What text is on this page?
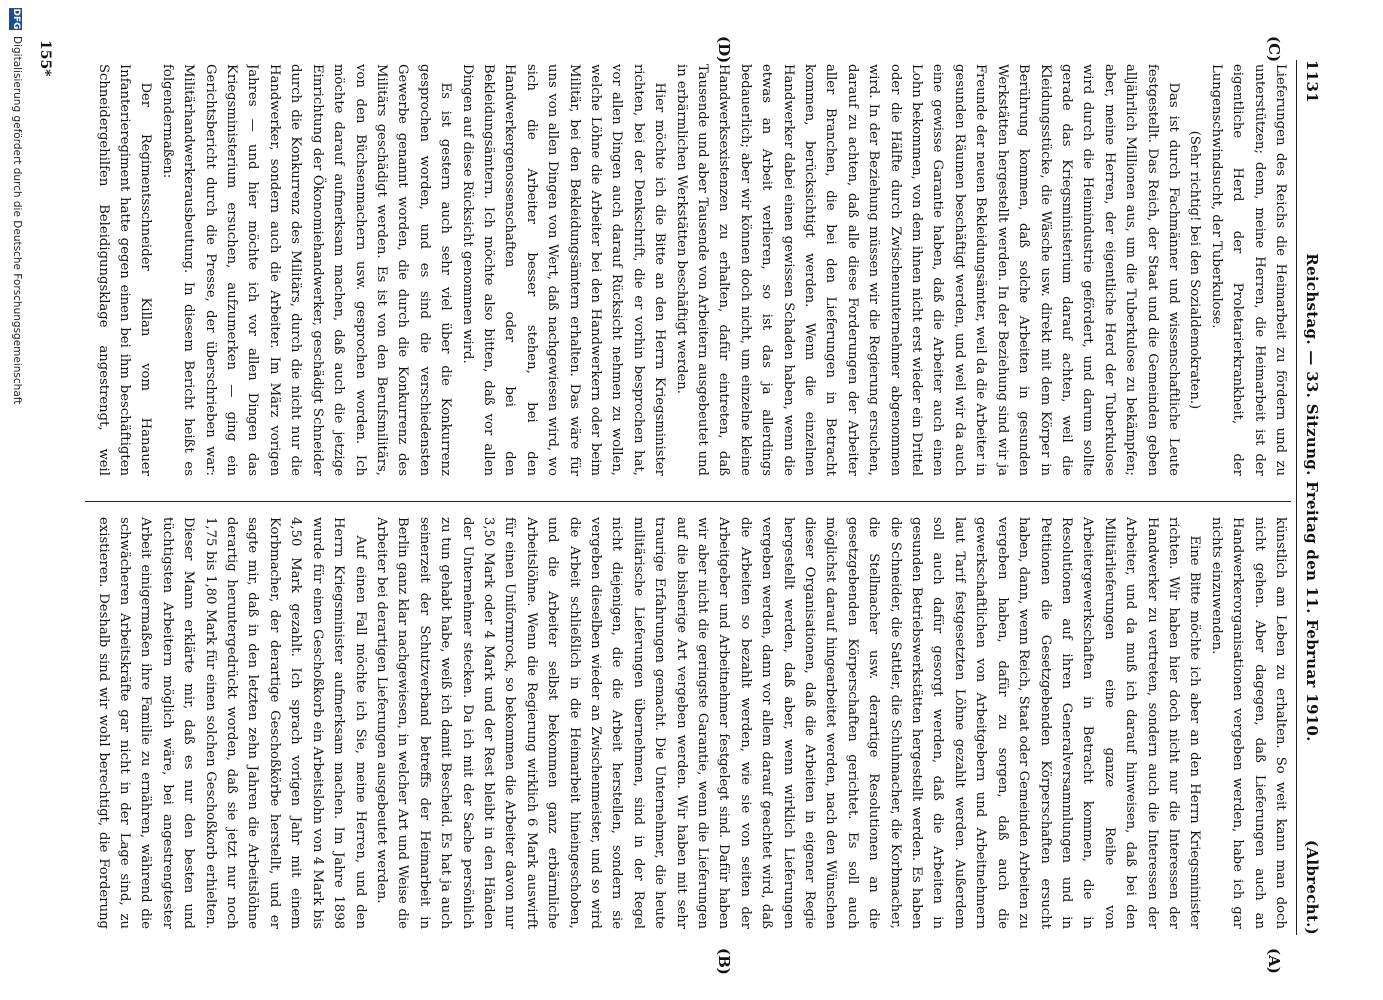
(Albrecht.)
Reichstag. — 33. Sitzung. Freitag den 11. Februar 1910.
1131

künstlich am Leben zu erhalten. So weit kann man doch nicht gehen. Aber dagegen, daß Lieferungen auch an Handwerkerorganisationen vergeben werden, habe ich gar nichts einzuwenden.

Eine Bitte möchte ich aber an den Herrn Kriegsminister richten. Wir haben hier doch nicht nur die Interessen der Handwerker zu vertreten, sondern auch die Interessen der Arbeiter, und da muß ich darauf hinweisen, daß bei den Militärlieferungen eine ganze Reihe von Arbeitergewerkschaften in Betracht kommen, die in Resolutionen auf ihren Generalversammlungen und in Petitionen die Gesetzgebenden Körperschaften ersucht haben, dann, wenn Reich, Staat oder Gemeinden Arbeiten zu vergeben haben, dafür zu sorgen, daß auch die gewerkschaftlichen von Arbeitgebern und Arbeitnehmern laut Tarif festgesetzten Löhne gezahlt werden. Außerdem soll auch dafür gesorgt werden, daß die Arbeiten in gesunden Betriebswerkstätten hergestellt werden. Es haben die Schneider, die Sattler, die Schuhmacher, die Korbmacher, die Stellmacher usw. derartige Resolutionen an die gesetzgebenden Körperschaften gerichtet. Es soll auch möglichst darauf hingearbeitet werden, nach den Wünschen dieser Organisationen, daß die Arbeiten in eigener Regie hergestellt werden, daß aber, wenn wirklich Lieferungen vergeben werden, dann vor allem darauf geachtet wird, daß die Arbeiten so bezahlt werden, wie sie von seiten der Arbeitgeber und Arbeitnehmer festgelegt sind. Dafür haben wir aber nicht die geringste Garantie, wenn die Lieferungen auf die bisherige Art vergeben werden. Wir haben mit sehr traurige Erfahrungen gemacht. Die Unternehmer, die heute militärische Lieferungen übernehmen, sind in der Regel nicht diejenigen, die die Arbeit herstellen, sondern sie vergeben dieselben wieder an Zwischenmeister, und so wird die Arbeit schließlich in die Heimarbeit hineingeschoben, und die Arbeiter selbst bekommen ganz erbärmliche Arbeitslöhne. Wenn die Regierung wirklich 6 Mark auswirft für einen Uniformrock, so bekommen die Arbeiter davon nur 3,50 Mark oder 4 Mark und der Rest bleibt in den Händen der Unternehmer stecken. Da ich mit der Sache persönlich zu tun gehabt habe, weiß ich damit Bescheid. Es hat ja auch seinerzeit der Schutzverband betreffs der Heimarbeit in Berlin ganz klar nachgewiesen, in welcher Art und Weise die Arbeiter bei derartigen Lieferungen ausgebeutet werden.

Auf einen Fall möchte ich Sie, meine Herren, und den Herrn Kriegsminister aufmerksam machen. Im Jahre 1898 wurde für einen Geschoßkorb ein Arbeitslohn von 4 Mark bis 4,50 Mark gezahlt. Ich sprach vorigen Jahr mit einem Korbmacher, der derartige Geschoßkörbe herstellt, und er sagte mir, daß in den letzten zehn Jahren die Arbeitslöhne derartig heruntergedrückt worden, daß sie jetzt nur noch 1,75 bis 1,80 Mark für einen solchen Geschoßkorb erhielten. Dieser Mann erklärte mir, daß es nur den besten und tüchtigsten Arbeitern möglich wäre, bei angestrengtester Arbeit einigermaßen ihre Familie zu ernähren, während die schwächeren Arbeitskräfte gar nicht in der Lage sind, zu existieren. Deshalb sind wir wohl berechtigt, die Forderung

Lieferungen des Reichs die Heimarbeit zu fördern und zu unterstützen; denn, meine Herren, die Heimarbeit ist der eigentliche Herd der Proletarierkrankheit, der Lungenschwindsucht, der Tuberkulose.

(Sehr richtig! bei den Sozialdemokraten.)

Das ist durch Fachmänner und wissenschaftliche Leute festgestellt. Das Reich, der Staat und die Gemeinden geben alljährlich Millionen aus, um die Tuberkulose zu bekämpfen; aber, meine Herren, der eigentliche Herd der Tuberkulose wird durch die Heimindustrie gefördert, und darum sollte gerade das Kriegsministerium darauf achten, weil die Kleidungsstücke, die Wäsche usw. direkt mit dem Körper in Berührung kommen, daß solche Arbeiten in gesunden Werkstätten hergestellt werden. In der Beziehung sind wir ja Freunde der neuen Bekleidungsämter, weil da die Arbeiter in gesunden Räumen beschäftigt werden, und weil wir da auch eine gewisse Garantie haben, daß die Arbeiter auch einen Lohn bekommen, von dem ihnen nicht erst wieder ein Drittel oder die Hälfte durch Zwischenunternehmer abgenommen wird. In der Beziehung müssen wir die Regierung ersuchen, darauf zu achten, daß alle diese Forderungen der Arbeiter aller Branchen, die bei den Lieferungen in Betracht kommen, berücksichtigt werden. Wenn die einzelnen Handwerker dabei einen gewissen Schaden haben, wenn die etwas an Arbeit verlieren, so ist das ja allerdings bedauerlich; aber wir können doch nicht, um einzelne kleine Handwerksexistenzen zu erhalten, dafür eintreten, daß Tausende und aber Tausende von Arbeitern ausgebeutet und in erbärmlichen Werkstätten beschäftigt werden.

Hier möchte ich die Bitte an den Herrn Kriegsminister richten, bei der Denkschrift, die er vorhin besprochen hat, vor allen Dingen auch darauf Rücksicht nehmen zu wollen, welche Löhne die Arbeiter bei den Handwerkern oder beim Militär, bei den Bekleidungsämtern erhalten. Das wäre für uns von allen Dingen von Wert, daß nachgewiesen wird, wo sich die Arbeiter besser stehen, bei den Handwerkergenossenschaften oder bei den Bekleidungsämtern. Ich möchte also bitten, daß vor allen Dingen auf diese Rücksicht genommen wird.

Es ist gestern auch sehr viel über die Konkurrenz gesprochen worden, und es sind die verschiedensten Gewerbe genannt worden, die durch die Konkurrenz des Militärs geschädigt werden. Es ist von den Berufsmilitärs, von den Büchsenmachern usw. gesprochen worden. Ich möchte darauf aufmerksam machen, daß auch die jetzige Einrichtung der Ökonomiehandwerker, geschädigt Schneider durch die Konkurrenz des Militärs, durch die nicht nur die Handwerker, sondern auch die Arbeiter. Im März vorigen Jahres — und hier möchte ich vor allen Dingen das Kriegsministerium ersuchen, aufzumerken — ging ein Gerichtsbericht durch die Presse, der überschrieben war: Militärhandwerkerausbeutung. In diesem Bericht heißt es folgendermaßen:

Der Regimentsschneider Killan vom Hanauer Infanterieregiment hatte gegen einen bei ihm beschäftigten Schneidergehilfen Beleidigungsklage angestrengt, weil

(A)
(B)
(C)
(D)
155*
DFG
Digitalisierung gefördert durch die Deutsche Forschungsgemeinschaft
